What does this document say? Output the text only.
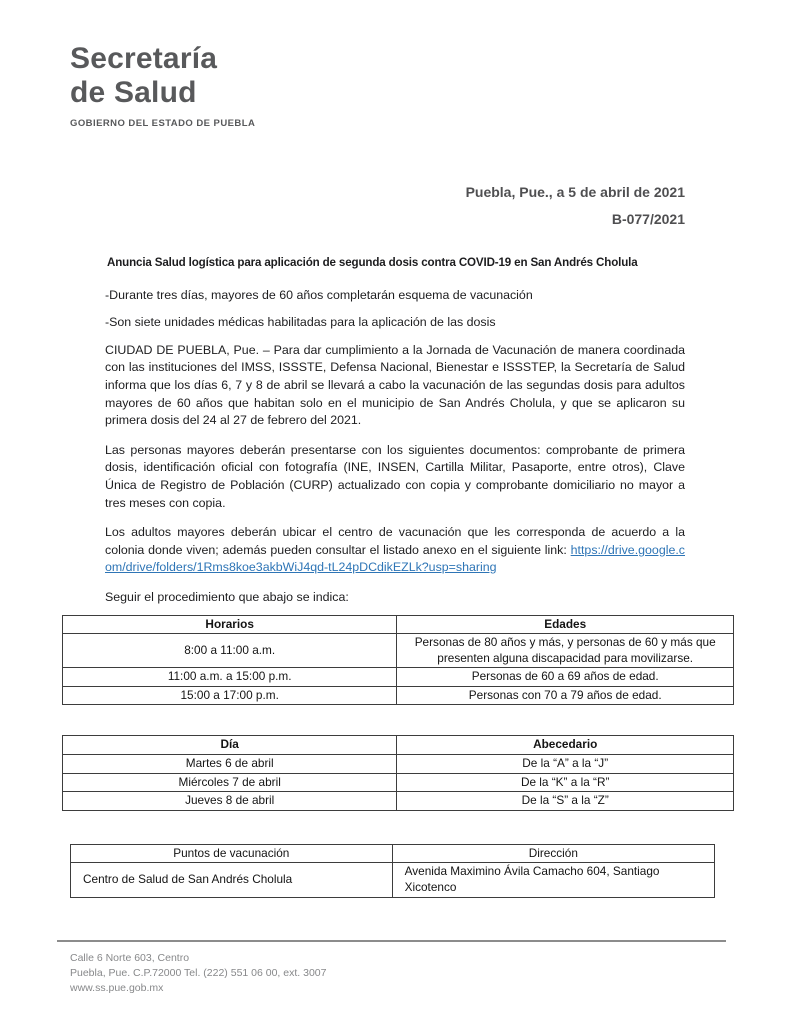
Secretaría
de Salud
GOBIERNO DEL ESTADO DE PUEBLA
Puebla, Pue., a 5 de abril de 2021
B-077/2021

Anuncia Salud logística para aplicación de segunda dosis contra COVID-19 en San Andrés Cholula

-Durante tres días, mayores de 60 años completarán esquema de vacunación

-Son siete unidades médicas habilitadas para la aplicación de las dosis

CIUDAD DE PUEBLA, Pue. – Para dar cumplimiento a la Jornada de Vacunación de manera coordinada con las instituciones del IMSS, ISSSTE, Defensa Nacional, Bienestar e ISSSTEP, la Secretaría de Salud informa que los días 6, 7 y 8 de abril se llevará a cabo la vacunación de las segundas dosis para adultos mayores de 60 años que habitan solo en el municipio de San Andrés Cholula, y que se aplicaron su primera dosis del 24 al 27 de febrero del 2021.

Las personas mayores deberán presentarse con los siguientes documentos: comprobante de primera dosis, identificación oficial con fotografía (INE, INSEN, Cartilla Militar, Pasaporte, entre otros), Clave Única de Registro de Población (CURP) actualizado con copia y comprobante domiciliario no mayor a tres meses con copia.

Los adultos mayores deberán ubicar el centro de vacunación que les corresponda de acuerdo a la colonia donde viven; además pueden consultar el listado anexo en el siguiente link: https://drive.google.com/drive/folders/1Rms8koe3akbWiJ4qd-tL24pDCdikEZLk?usp=sharing

Seguir el procedimiento que abajo se indica:

Horarios	Edades
8:00 a 11:00 a.m.	Personas de 80 años y más, y personas de 60 y más que presenten alguna discapacidad para movilizarse.
11:00 a.m. a 15:00 p.m.	Personas de 60 a 69 años de edad.
15:00 a 17:00 p.m.	Personas con 70 a 79 años de edad.
Día	Abecedario
Martes 6 de abril	De la “A” a la “J”
Miércoles 7 de abril	De la “K” a la “R”
Jueves 8 de abril	De la “S” a la “Z”
Puntos de vacunación	Dirección
Centro de Salud de San Andrés Cholula	Avenida Maximino Ávila Camacho 604, Santiago Xicotenco
Calle 6 Norte 603, Centro
Puebla, Pue. C.P.72000 Tel. (222) 551 06 00, ext. 3007
www.ss.pue.gob.mx
